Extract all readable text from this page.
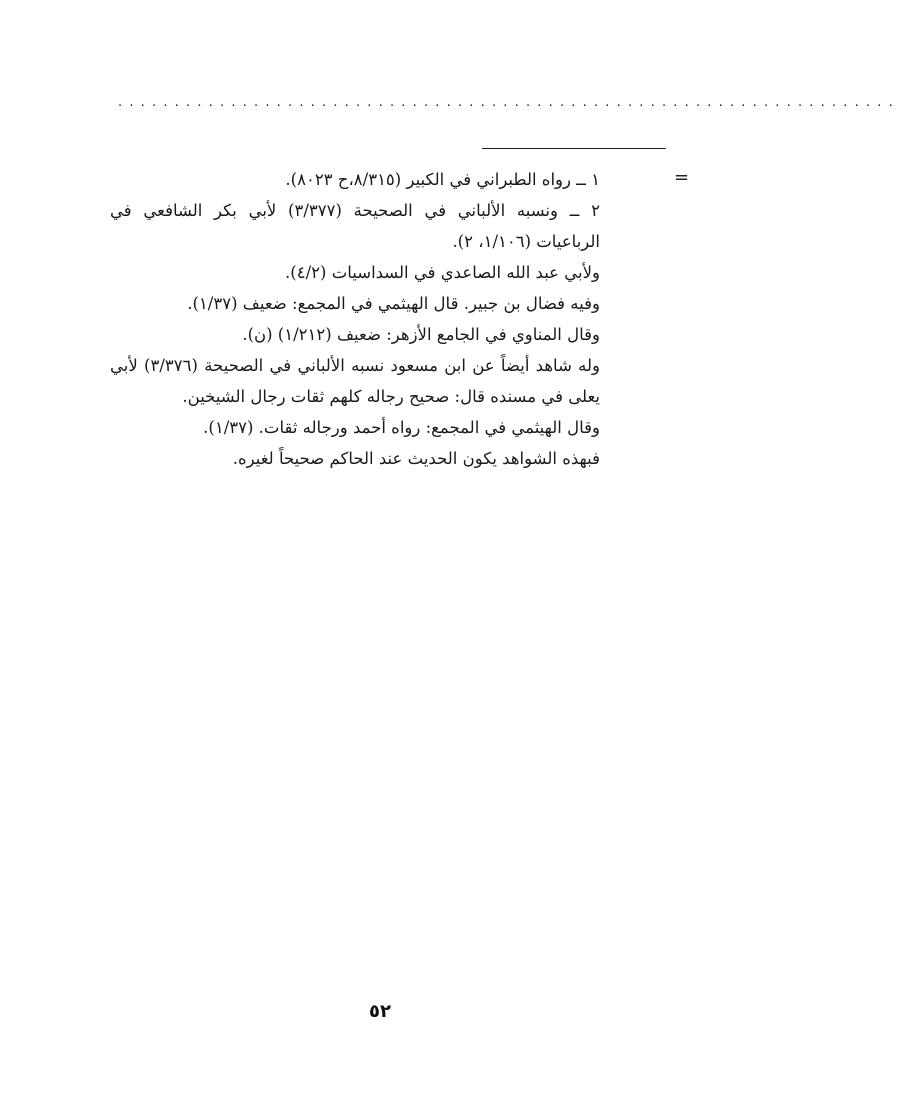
.....................................................................
=
١ ــ رواه الطبراني في الكبير (٨/٣١٥،ح ٨٠٢٣).
٢ ــ ونسبه الألباني في الصحيحة (٣/٣٧٧) لأبي بكر الشافعي في
الرباعيات (١/١٠٦، ٢).
ولأبي عبد الله الصاعدي في السداسيات (٤/٢).
وفيه فضال بن جبير. قال الهيثمي في المجمع: ضعيف (١/٣٧).
وقال المناوي في الجامع الأزهر: ضعيف (١/٢١٢) (ن).
وله شاهد أيضاً عن ابن مسعود نسبه الألباني في الصحيحة (٣/٣٧٦) لأبي
يعلى في مسنده قال: صحيح رجاله كلهم ثقات رجال الشيخين.
وقال الهيثمي في المجمع: رواه أحمد ورجاله ثقات. (١/٣٧).
فبهذه الشواهد يكون الحديث عند الحاكم صحيحاً لغيره.
٥٢
